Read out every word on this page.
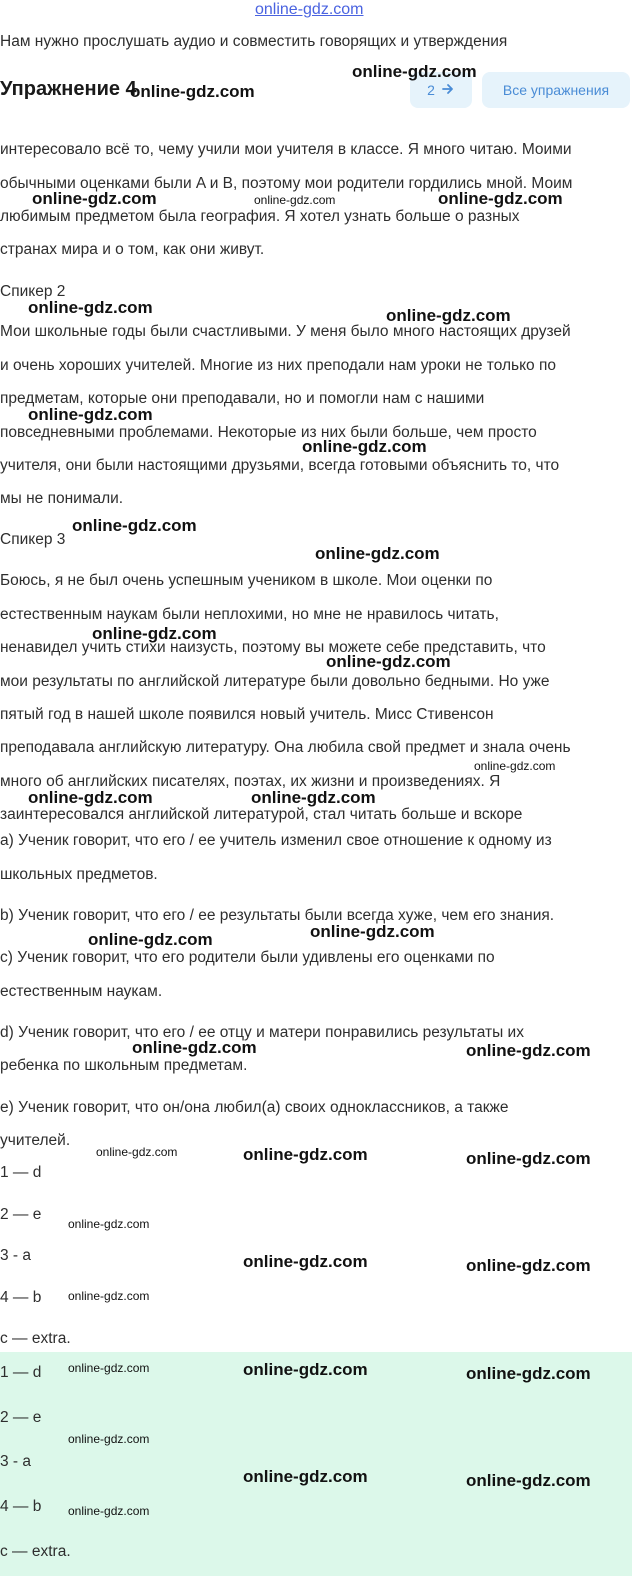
online-gdz.com
Нам нужно прослушать аудио и совместить говорящих и утверждения
Упражнение 4	2	Все упражнения
интересовало всё то, чему учили мои учителя в классе. Я много читаю. Моими
обычными оценками были A и B, поэтому мои родители гордились мной. Моим
любимым предметом была география. Я хотел узнать больше о разных
странах мира и о том, как они живут.
Спикер 2
Мои школьные годы были счастливыми. У меня было много настоящих друзей
и очень хороших учителей. Многие из них преподали нам уроки не только по
предметам, которые они преподавали, но и помогли нам с нашими
повседневными проблемами. Некоторые из них были больше, чем просто
учителя, они были настоящими друзьями, всегда готовыми объяснить то, что
мы не понимали.
Спикер 3
Боюсь, я не был очень успешным учеником в школе. Мои оценки по
естественным наукам были неплохими, но мне не нравилось читать,
ненавидел учить стихи наизусть, поэтому вы можете себе представить, что
мои результаты по английской литературе были довольно бедными. Но уже
пятый год в нашей школе появился новый учитель. Мисс Стивенсон
преподавала английскую литературу. Она любила свой предмет и знала очень
много об английских писателях, поэтах, их жизни и произведениях. Я
заинтересовался английской литературой, стал читать больше и вскоре
a) Ученик говорит, что его / ее учитель изменил свое отношение к одному из
школьных предметов.
b) Ученик говорит, что его / ее результаты были всегда хуже, чем его знания.
c) Ученик говорит, что его родители были удивлены его оценками по
естественным наукам.
d) Ученик говорит, что его / ее отцу и матери понравились результаты их
ребенка по школьным предметам.
e) Ученик говорит, что он/она любил(а) своих одноклассников, а также
учителей.
1 — d
2 — e
3 - a
4 — b
c — extra.
1 — d
2 — e
3 - a
4 — b
c — extra.
online-gdz.com
online-gdz.com
online-gdz.com
online-gdz.com	online-gdz.com
online-gdz.com	online-gdz.com
online-gdz.com
online-gdz.com
online-gdz.com
online-gdz.com
online-gdz.com
online-gdz.com
online-gdz.com
online-gdz.com	online-gdz.com
online-gdz.com
online-gdz.com
online-gdz.com	online-gdz.com
online-gdz.com	online-gdz.com	online-gdz.com
online-gdz.com
online-gdz.com	online-gdz.com
online-gdz.com
online-gdz.com	online-gdz.com	online-gdz.com
online-gdz.com
online-gdz.com	online-gdz.com
online-gdz.com
